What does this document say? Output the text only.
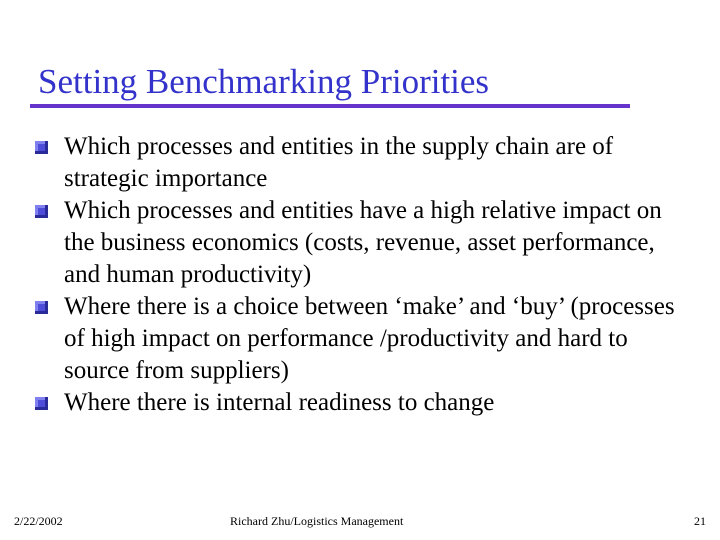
Setting Benchmarking Priorities
Which processes and entities in the supply chain are of strategic importance
Which processes and entities have a high relative impact on the business economics (costs, revenue, asset performance, and human productivity)
Where there is a choice between ‘make’ and ‘buy’ (processes of high impact on performance /productivity and hard to source from suppliers)
Where there is internal readiness to change
2/22/2002	Richard Zhu/Logistics Management	21
